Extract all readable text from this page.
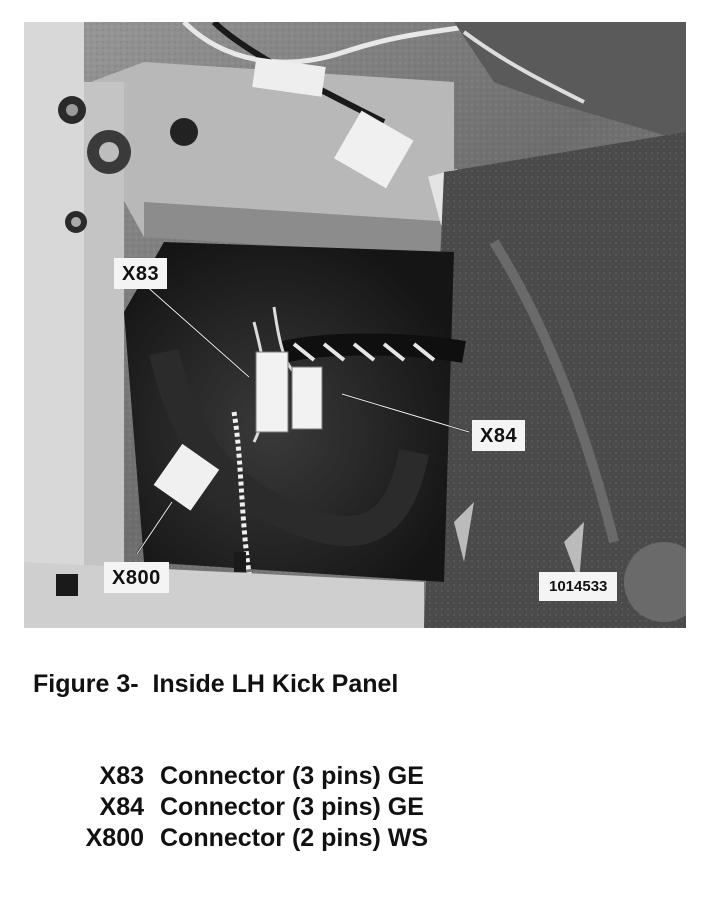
X83
X84
X800	1014533
Figure 3-  Inside LH Kick Panel
X83 Connector (3 pins) GE
X84 Connector (3 pins) GE
X800 Connector (2 pins) WS
